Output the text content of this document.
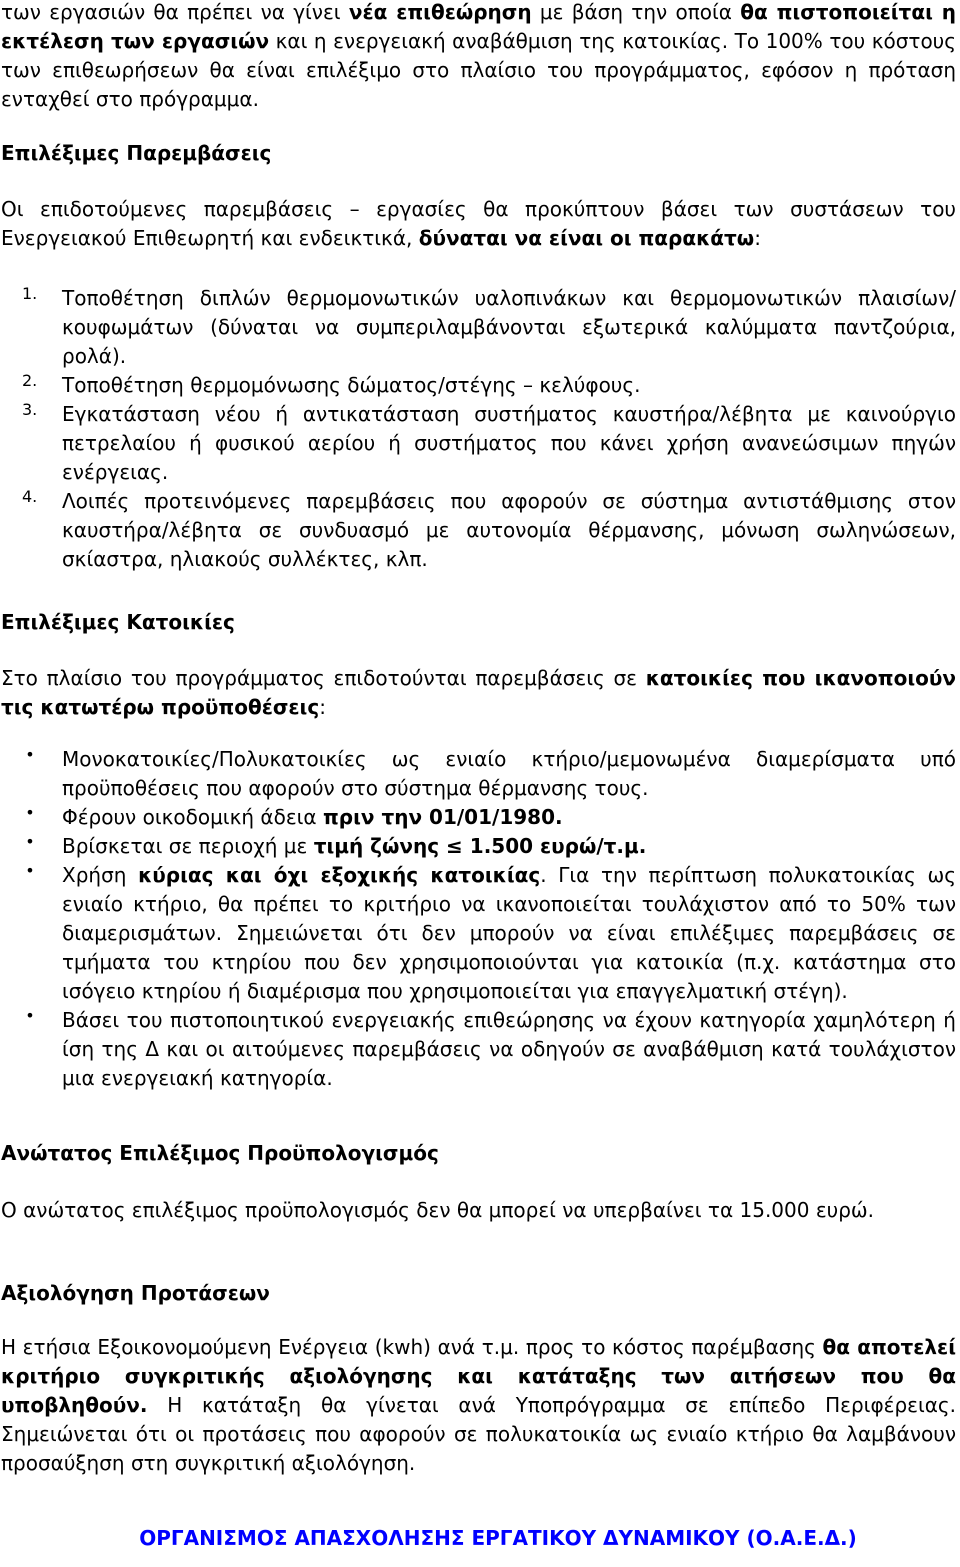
των εργασιών θα πρέπει να γίνει νέα επιθεώρηση με βάση την οποία θα πιστοποιείται η εκτέλεση των εργασιών και η ενεργειακή αναβάθμιση της κατοικίας. Το 100% του κόστους των επιθεωρήσεων θα είναι επιλέξιμο στο πλαίσιο του προγράμματος, εφόσον η πρόταση ενταχθεί στο πρόγραμμα.

Επιλέξιμες Παρεμβάσεις

Οι επιδοτούμενες παρεμβάσεις – εργασίες θα προκύπτουν βάσει των συστάσεων του Ενεργειακού Επιθεωρητή και ενδεικτικά, δύναται να είναι οι παρακάτω:

1. Τοποθέτηση διπλών θερμομονωτικών υαλοπινάκων και θερμομονωτικών πλαισίων/κουφωμάτων (δύναται να συμπεριλαμβάνονται εξωτερικά καλύμματα παντζούρια, ρολά).

2. Τοποθέτηση θερμομόνωσης δώματος/στέγης – κελύφους.

3. Εγκατάσταση νέου ή αντικατάσταση συστήματος καυστήρα/λέβητα με καινούργιο πετρελαίου ή φυσικού αερίου ή συστήματος που κάνει χρήση ανανεώσιμων πηγών ενέργειας.

4. Λοιπές προτεινόμενες παρεμβάσεις που αφορούν σε σύστημα αντιστάθμισης στον καυστήρα/λέβητα σε συνδυασμό με αυτονομία θέρμανσης, μόνωση σωληνώσεων, σκίαστρα, ηλιακούς συλλέκτες, κλπ.

Επιλέξιμες Κατοικίες

Στο πλαίσιο του προγράμματος επιδοτούνται παρεμβάσεις σε κατοικίες που ικανοποιούν τις κατωτέρω προϋποθέσεις:

• Μονοκατοικίες/Πολυκατοικίες ως ενιαίο κτήριο/μεμονωμένα διαμερίσματα υπό προϋποθέσεις που αφορούν στο σύστημα θέρμανσης τους.

• Φέρουν οικοδομική άδεια πριν την 01/01/1980.

• Βρίσκεται σε περιοχή με τιμή ζώνης ≤ 1.500 ευρώ/τ.μ.

• Χρήση κύριας και όχι εξοχικής κατοικίας. Για την περίπτωση πολυκατοικίας ως ενιαίο κτήριο, θα πρέπει το κριτήριο να ικανοποιείται τουλάχιστον από το 50% των διαμερισμάτων. Σημειώνεται ότι δεν μπορούν να είναι επιλέξιμες παρεμβάσεις σε τμήματα του κτηρίου που δεν χρησιμοποιούνται για κατοικία (π.χ. κατάστημα στο ισόγειο κτηρίου ή διαμέρισμα που χρησιμοποιείται για επαγγελματική στέγη).

• Βάσει του πιστοποιητικού ενεργειακής επιθεώρησης να έχουν κατηγορία χαμηλότερη ή ίση της Δ και οι αιτούμενες παρεμβάσεις να οδηγούν σε αναβάθμιση κατά τουλάχιστον μια ενεργειακή κατηγορία.

Ανώτατος Επιλέξιμος Προϋπολογισμός

Ο ανώτατος επιλέξιμος προϋπολογισμός δεν θα μπορεί να υπερβαίνει τα 15.000 ευρώ.

Αξιολόγηση Προτάσεων

Η ετήσια Εξοικονομούμενη Ενέργεια (kwh) ανά τ.μ. προς το κόστος παρέμβασης θα αποτελεί κριτήριο συγκριτικής αξιολόγησης και κατάταξης των αιτήσεων που θα υποβληθούν. Η κατάταξη θα γίνεται ανά Υποπρόγραμμα σε επίπεδο Περιφέρειας. Σημειώνεται ότι οι προτάσεις που αφορούν σε πολυκατοικία ως ενιαίο κτήριο θα λαμβάνουν προσαύξηση στη συγκριτική αξιολόγηση.

ΟΡΓΑΝΙΣΜΟΣ ΑΠΑΣΧΟΛΗΣΗΣ ΕΡΓΑΤΙΚΟΥ ΔΥΝΑΜΙΚΟΥ (Ο.Α.Ε.Δ.)
